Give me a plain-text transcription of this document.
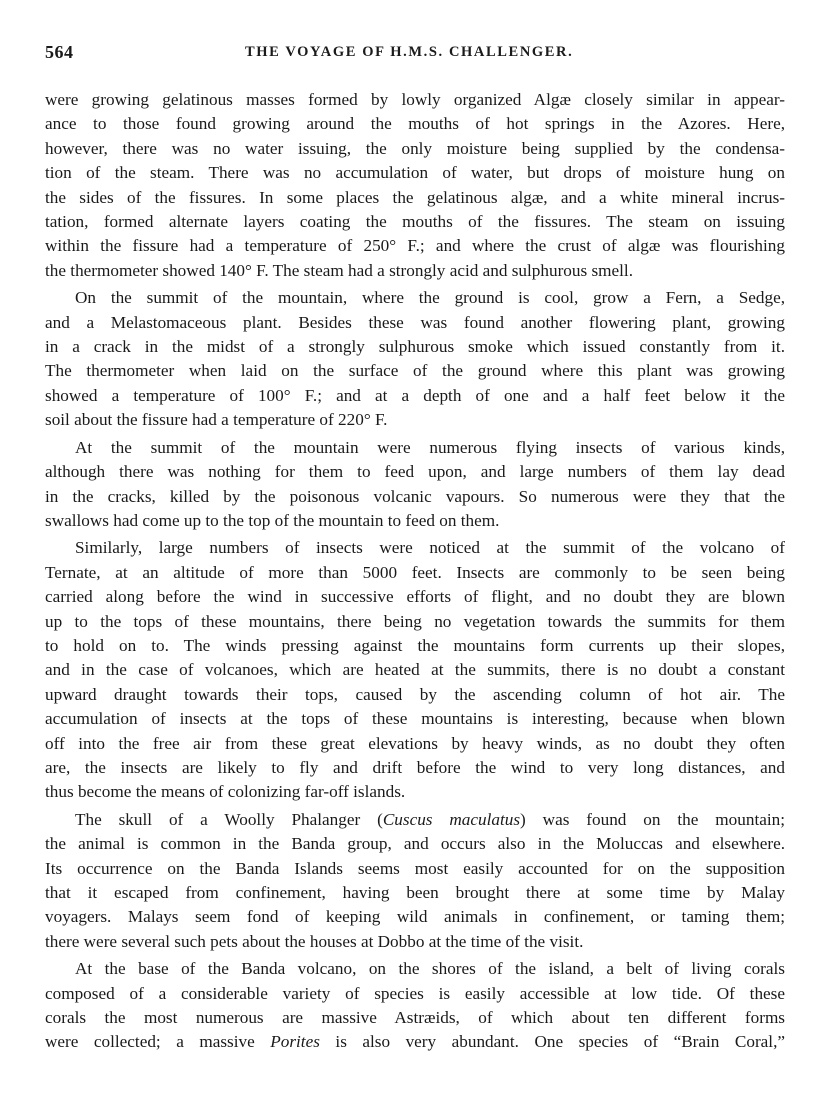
564	THE VOYAGE OF H.M.S. CHALLENGER.

were growing gelatinous masses formed by lowly organized Algæ closely similar in appear-
ance to those found growing around the mouths of hot springs in the Azores. Here,
however, there was no water issuing, the only moisture being supplied by the condensa-
tion of the steam. There was no accumulation of water, but drops of moisture hung on
the sides of the fissures. In some places the gelatinous algæ, and a white mineral incrus-
tation, formed alternate layers coating the mouths of the fissures. The steam on issuing
within the fissure had a temperature of 250° F.; and where the crust of algæ was flourishing
the thermometer showed 140° F. The steam had a strongly acid and sulphurous smell.

On the summit of the mountain, where the ground is cool, grow a Fern, a Sedge,
and a Melastomaceous plant. Besides these was found another flowering plant, growing
in a crack in the midst of a strongly sulphurous smoke which issued constantly from it.
The thermometer when laid on the surface of the ground where this plant was growing
showed a temperature of 100° F.; and at a depth of one and a half feet below it the
soil about the fissure had a temperature of 220° F.

At the summit of the mountain were numerous flying insects of various kinds,
although there was nothing for them to feed upon, and large numbers of them lay dead
in the cracks, killed by the poisonous volcanic vapours. So numerous were they that the
swallows had come up to the top of the mountain to feed on them.

Similarly, large numbers of insects were noticed at the summit of the volcano of
Ternate, at an altitude of more than 5000 feet. Insects are commonly to be seen being
carried along before the wind in successive efforts of flight, and no doubt they are blown
up to the tops of these mountains, there being no vegetation towards the summits for them
to hold on to. The winds pressing against the mountains form currents up their slopes,
and in the case of volcanoes, which are heated at the summits, there is no doubt a constant
upward draught towards their tops, caused by the ascending column of hot air. The
accumulation of insects at the tops of these mountains is interesting, because when blown
off into the free air from these great elevations by heavy winds, as no doubt they often
are, the insects are likely to fly and drift before the wind to very long distances, and
thus become the means of colonizing far-off islands.

The skull of a Woolly Phalanger (Cuscus maculatus) was found on the mountain;
the animal is common in the Banda group, and occurs also in the Moluccas and elsewhere.
Its occurrence on the Banda Islands seems most easily accounted for on the supposition
that it escaped from confinement, having been brought there at some time by Malay
voyagers. Malays seem fond of keeping wild animals in confinement, or taming them;
there were several such pets about the houses at Dobbo at the time of the visit.

At the base of the Banda volcano, on the shores of the island, a belt of living corals
composed of a considerable variety of species is easily accessible at low tide. Of these
corals the most numerous are massive Astræids, of which about ten different forms
were collected; a massive Porites is also very abundant. One species of “Brain Coral,”
